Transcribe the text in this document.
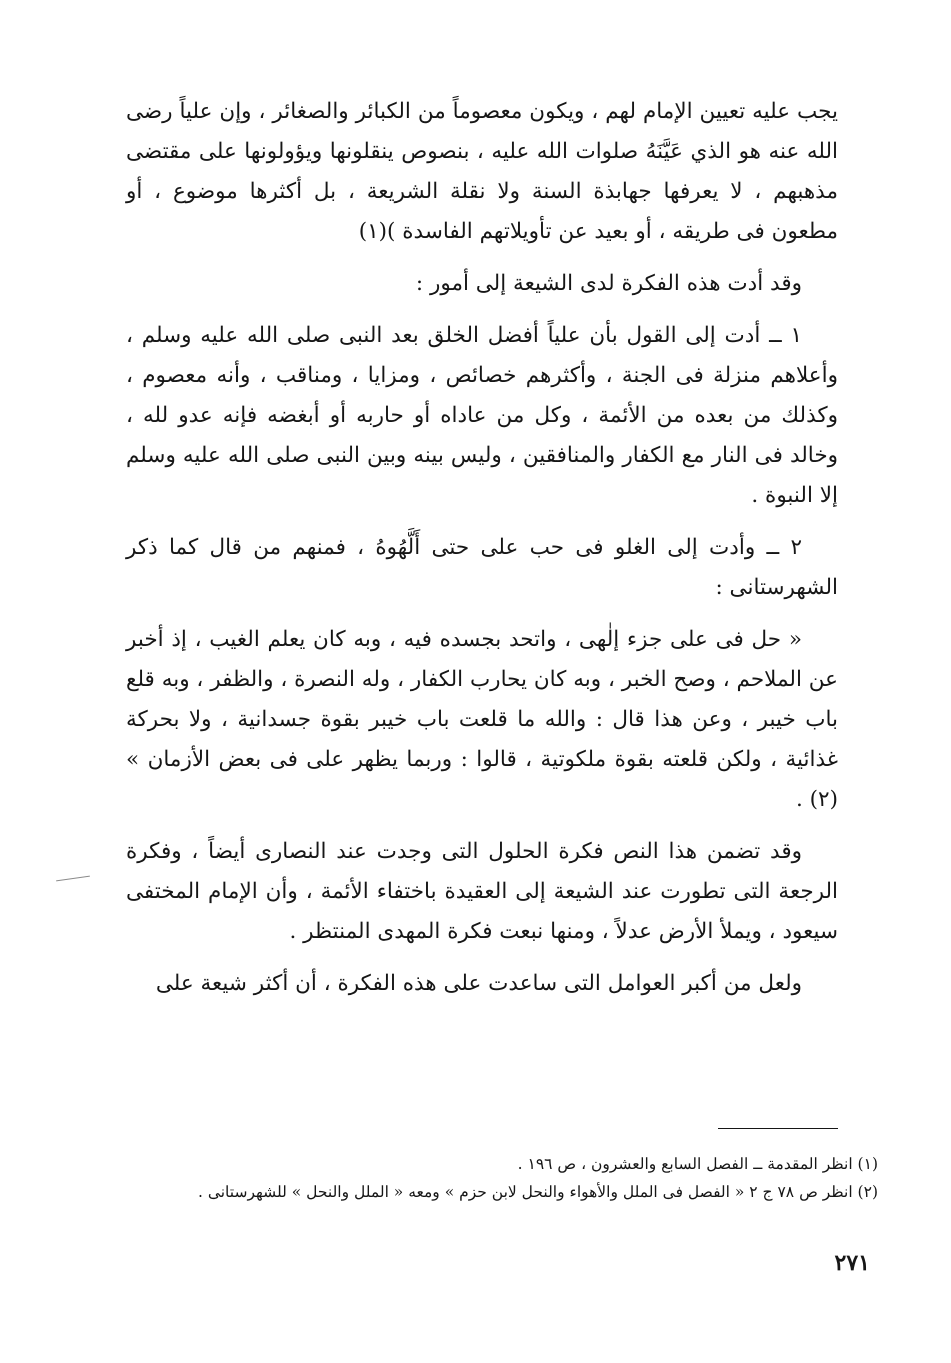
يجب عليه تعيين الإمام لهم ، ويكون معصوماً من الكبائر والصغائر ، وإن علياً رضى الله عنه هو الذي عَيَّنَهُ صلوات الله عليه ، بنصوص ينقلونها ويؤولونها على مقتضى مذهبهم ، لا يعرفها جهابذة السنة ولا نقلة الشريعة ، بل أكثرها موضوع ، أو مطعون فى طريقه ، أو بعيد عن تأويلاتهم الفاسدة )(١)

وقد أدت هذه الفكرة لدى الشيعة إلى أمور :

١ ــ أدت إلى القول بأن علياً أفضل الخلق بعد النبى صلى الله عليه وسلم ، وأعلاهم منزلة فى الجنة ، وأكثرهم خصائص ، ومزايا ، ومناقب ، وأنه معصوم ، وكذلك من بعده من الأئمة ، وكل من عاداه أو حاربه أو أبغضه فإنه عدو لله ، وخالد فى النار مع الكفار والمنافقين ، وليس بينه وبين النبى صلى الله عليه وسلم إلا النبوة .

٢ ــ وأدت إلى الغلو فى حب على حتى أَلَّهُوهُ ، فمنهم من قال كما ذكر الشهرستانى :

« حل فى على جزء إلٰهى ، واتحد بجسده فيه ، وبه كان يعلم الغيب ، إذ أخبر عن الملاحم ، وصح الخبر ، وبه كان يحارب الكفار ، وله النصرة ، والظفر ، وبه قلع باب خيبر ، وعن هذا قال : والله ما قلعت باب خيبر بقوة جسدانية ، ولا بحركة غذائية ، ولكن قلعته بقوة ملكوتية ، قالوا : وربما يظهر على فى بعض الأزمان » (٢) .

وقد تضمن هذا النص فكرة الحلول التى وجدت عند النصارى أيضاً ، وفكرة الرجعة التى تطورت عند الشيعة إلى العقيدة باختفاء الأئمة ، وأن الإمام المختفى سيعود ، ويملأ الأرض عدلاً ، ومنها نبعت فكرة المهدى المنتظر .

ولعل من أكبر العوامل التى ساعدت على هذه الفكرة ، أن أكثر شيعة على

(١) انظر المقدمة ــ الفصل السابع والعشرون ، ص ١٩٦ .

(٢) انظر ص ٧٨ ج ٢ « الفصل فى الملل والأهواء والنحل لابن حزم » ومعه « الملل والنحل » للشهرستانى .

٢٧١
